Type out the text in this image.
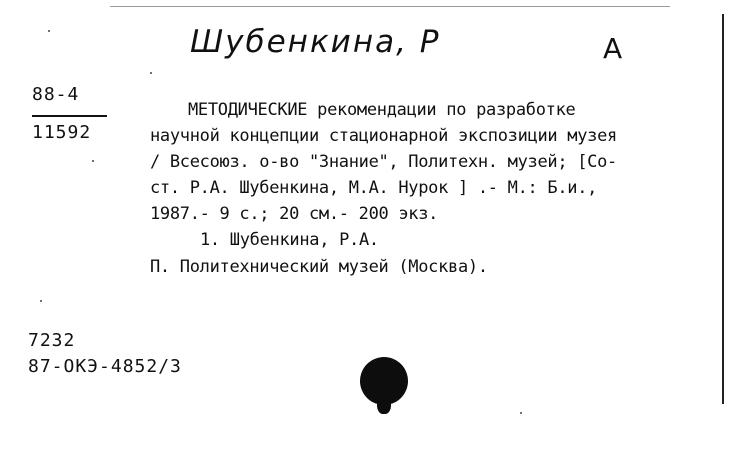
Шубенкина, Р	А
88-4
11592
МЕТОДИЧЕСКИЕ рекомендации по разработке
научной концепции стационарной экспозиции музея
/ Всесоюз. о-во "Знание", Политехн. музей; [Со-
ст. Р.А. Шубенкина, М.А. Нурок ] .- М.: Б.и.,
1987.- 9 с.; 20 см.- 200 экз.
1. Шубенкина, Р.А.
П. Политехнический музей (Москва).
7232
87-ОКЭ-4852/3
